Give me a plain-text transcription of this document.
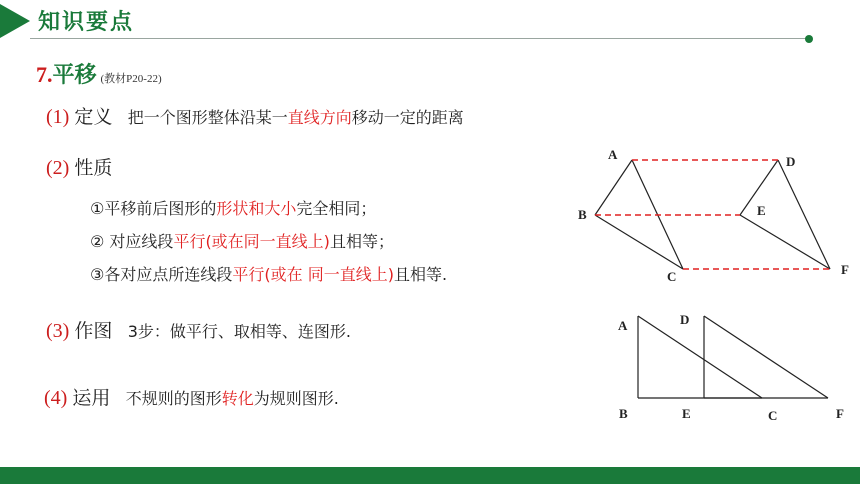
知识要点
7.平移 (教材P20-22)
(1) 定义 把一个图形整体沿某一直线方向移动一定的距离
(2) 性质
①平移前后图形的形状和大小完全相同；
② 对应线段平行(或在同一直线上)且相等；
③各对应点所连线段平行(或在 同一直线上)且相等.
(3) 作图 3步：做平行、取相等、连图形.
(4) 运用 不规则的图形转化为规则图形.
A
B
C
D
E
F
A	D
B	E	C	F
